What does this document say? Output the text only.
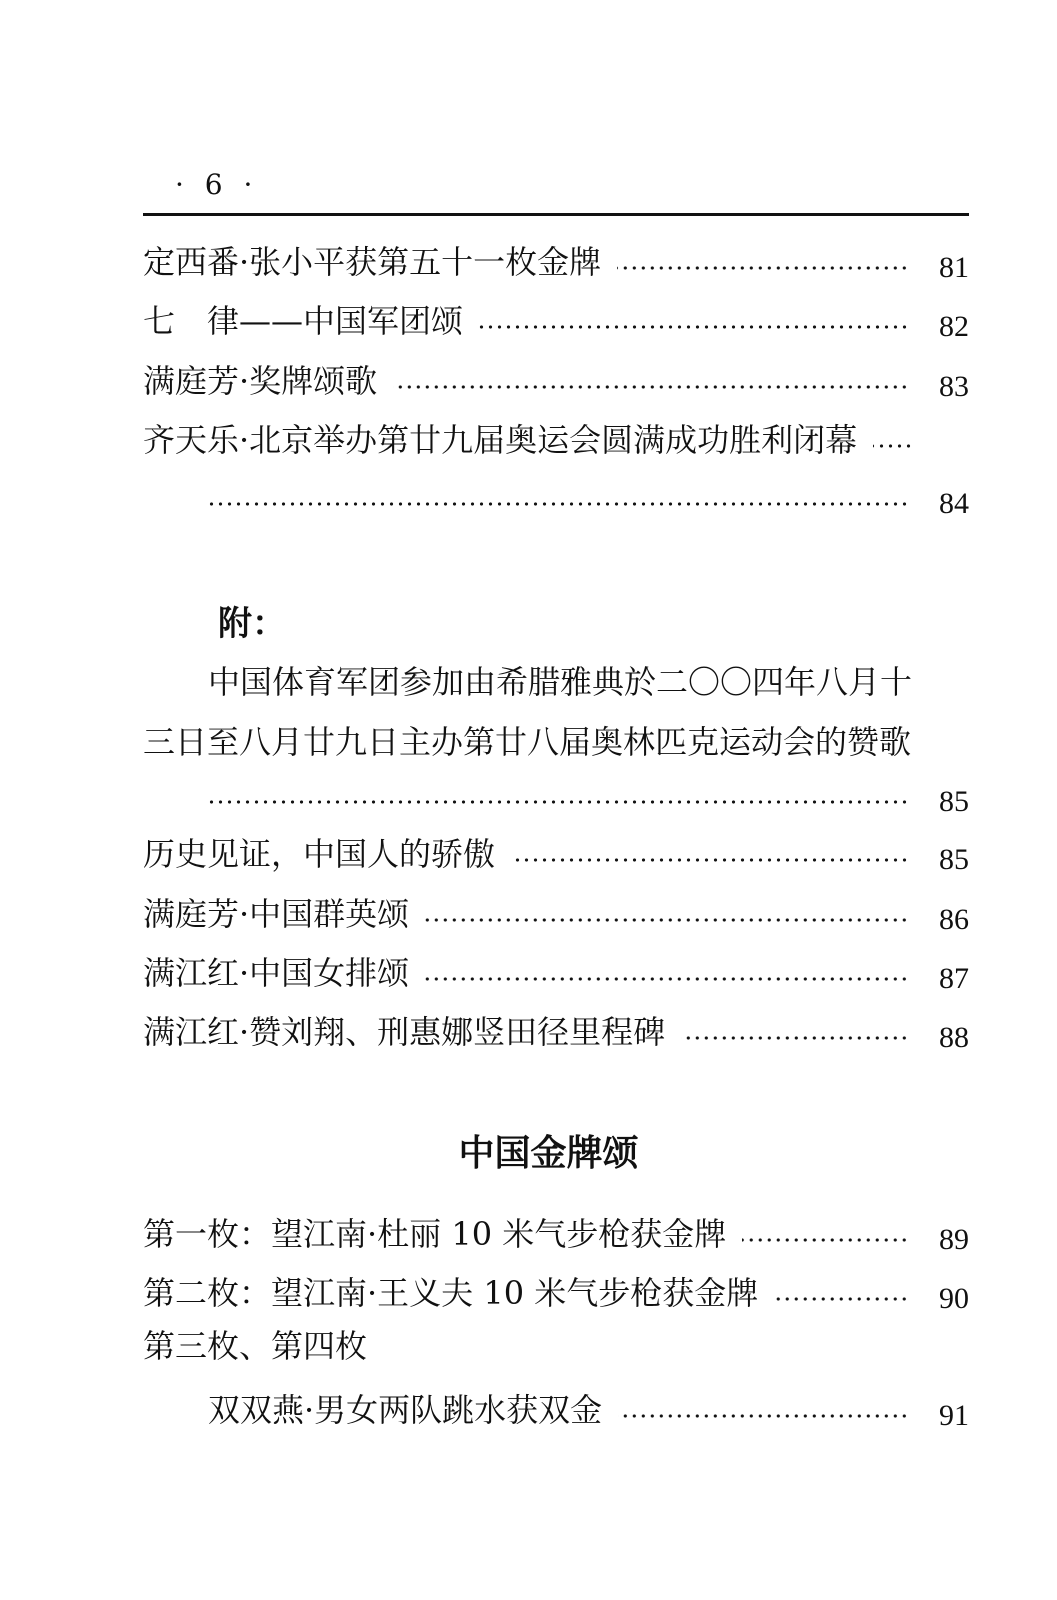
· 6 ·
定西番·张小平获第五十一枚金牌	81
七　律——中国军团颂	82
满庭芳·奖牌颂歌	83
齐天乐·北京举办第廿九届奥运会圆满成功胜利闭幕
84
附：
中国体育军团参加由希腊雅典於二〇〇四年八月十
三日至八月廿九日主办第廿八届奥林匹克运动会的赞歌
85
历史见证，中国人的骄傲	85
满庭芳·中国群英颂	86
满江红·中国女排颂	87
满江红·赞刘翔、刑惠娜竖田径里程碑	88
中国金牌颂
第一枚：望江南·杜丽 10 米气步枪获金牌	89
第二枚：望江南·王义夫 10 米气步枪获金牌	90
第三枚、第四枚
双双燕·男女两队跳水获双金	91
